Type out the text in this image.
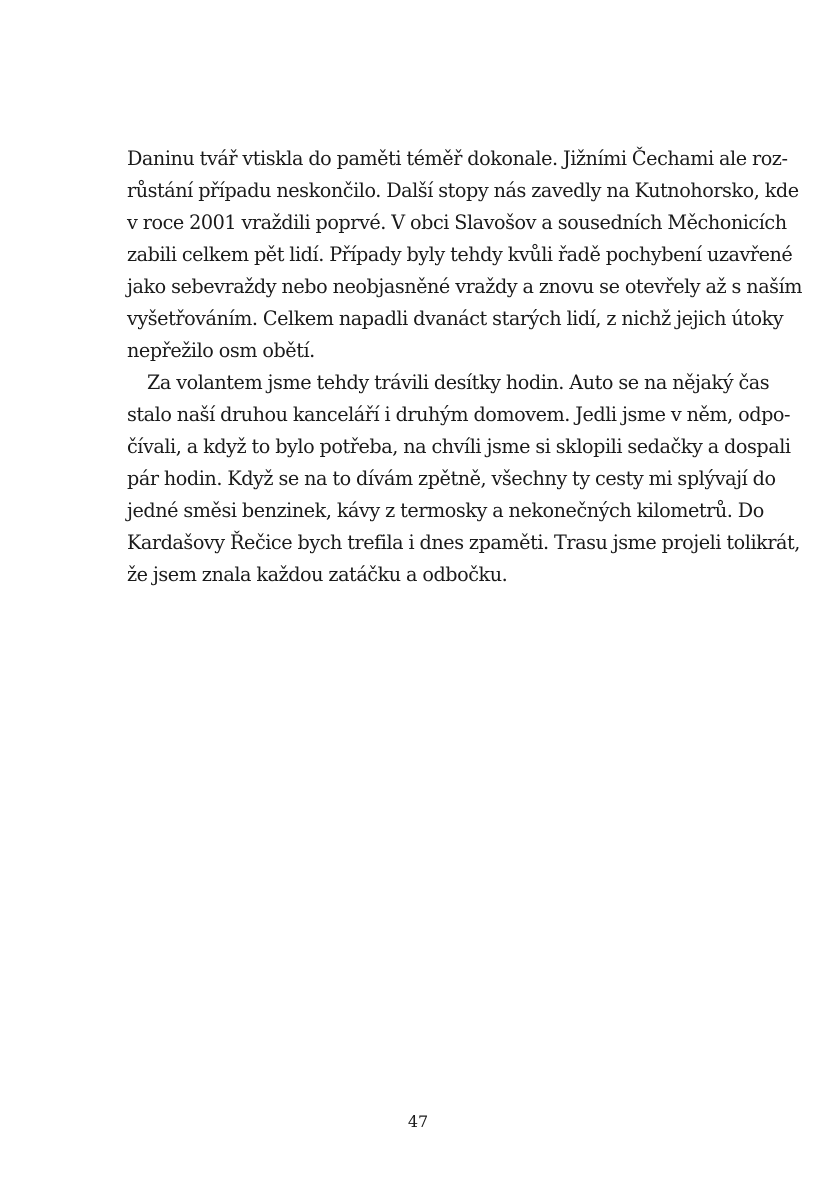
Daninu tvář vtiskla do paměti téměř dokonale. Jižními Čechami ale roz-
růstání případu neskončilo. Další stopy nás zavedly na Kutnohorsko, kde
v roce 2001 vraždili poprvé. V obci Slavošov a sousedních Měchonicích
zabili celkem pět lidí. Případy byly tehdy kvůli řadě pochybení uzavřené
jako sebevraždy nebo neobjasněné vraždy a znovu se otevřely až s naším
vyšetřováním. Celkem napadli dvanáct starých lidí, z nichž jejich útoky
nepřežilo osm obětí.
Za volantem jsme tehdy trávili desítky hodin. Auto se na nějaký čas
stalo naší druhou kanceláří i druhým domovem. Jedli jsme v něm, odpo-
čívali, a když to bylo potřeba, na chvíli jsme si sklopili sedačky a dospali
pár hodin. Když se na to dívám zpětně, všechny ty cesty mi splývají do
jedné směsi benzinek, kávy z termosky a nekonečných kilometrů. Do
Kardašovy Řečice bych trefila i dnes zpaměti. Trasu jsme projeli tolikrát,
že jsem znala každou zatáčku a odbočku.
47
